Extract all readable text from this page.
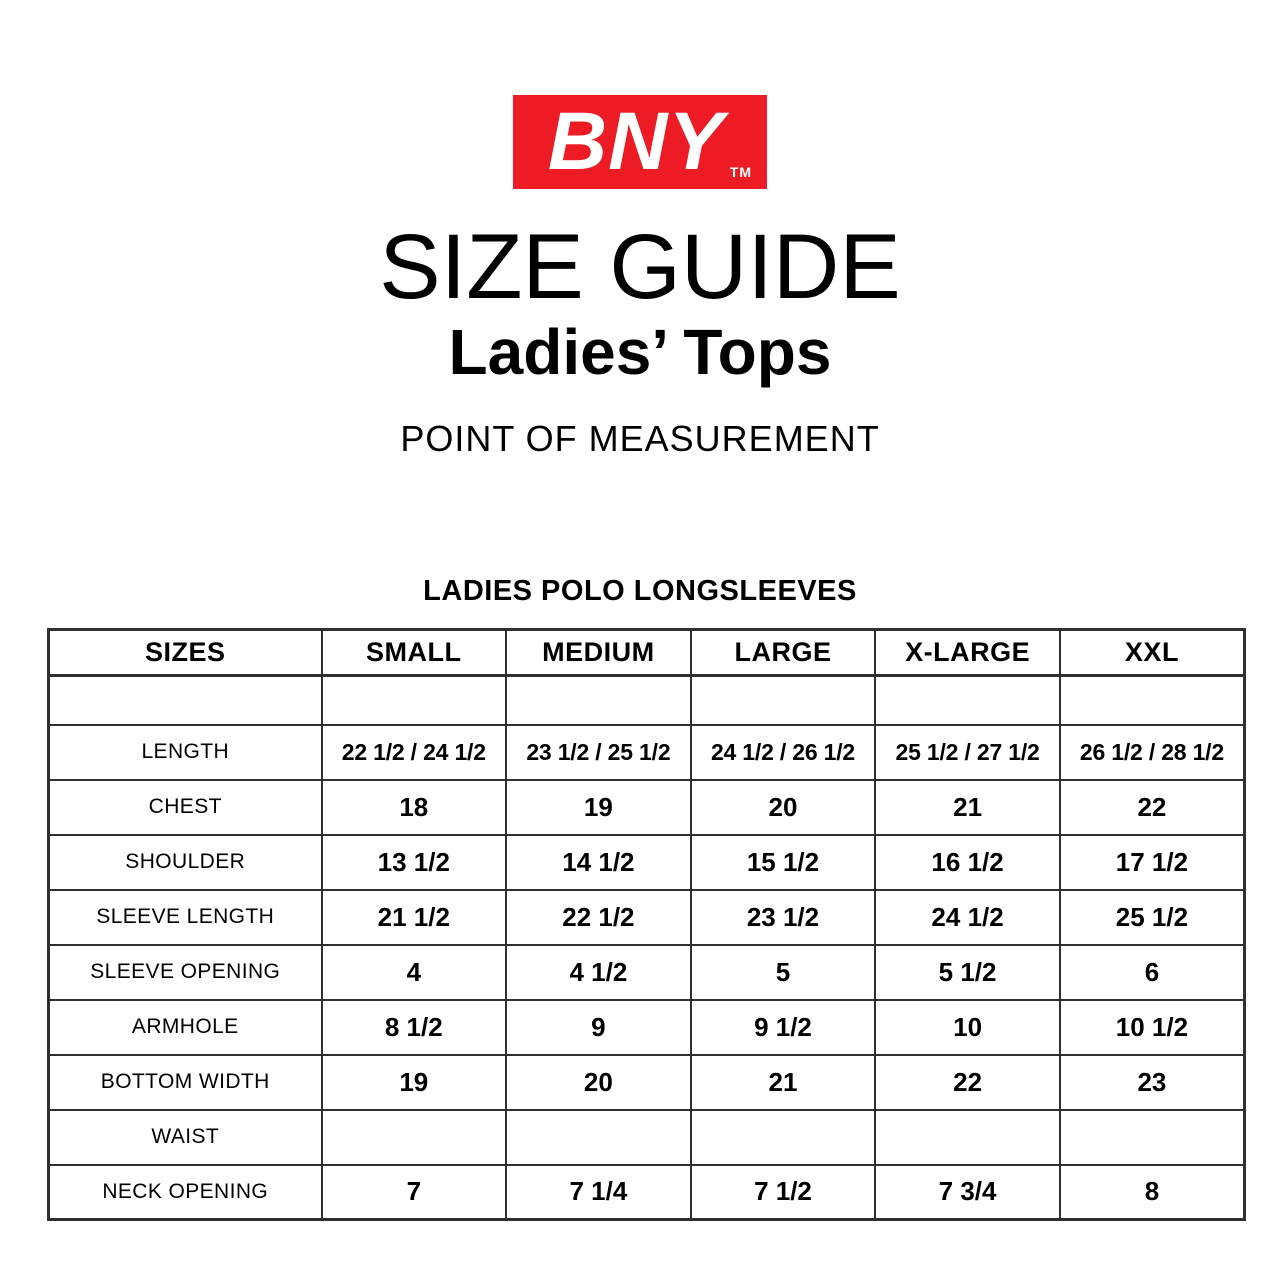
BNY TM
SIZE GUIDE
Ladies’ Tops
POINT OF MEASUREMENT
LADIES POLO LONGSLEEVES
SIZES	SMALL	MEDIUM	LARGE	X-LARGE	XXL

LENGTH	22 1/2 / 24 1/2	23 1/2 / 25 1/2	24 1/2 / 26 1/2	25 1/2 / 27 1/2	26 1/2 / 28 1/2
CHEST	18	19	20	21	22
SHOULDER	13 1/2	14 1/2	15 1/2	16 1/2	17 1/2
SLEEVE LENGTH	21 1/2	22 1/2	23 1/2	24 1/2	25 1/2
SLEEVE OPENING	4	4 1/2	5	5 1/2	6
ARMHOLE	8 1/2	9	9 1/2	10	10 1/2
BOTTOM WIDTH	19	20	21	22	23
WAIST					
NECK OPENING	7	7 1/4	7 1/2	7 3/4	8
